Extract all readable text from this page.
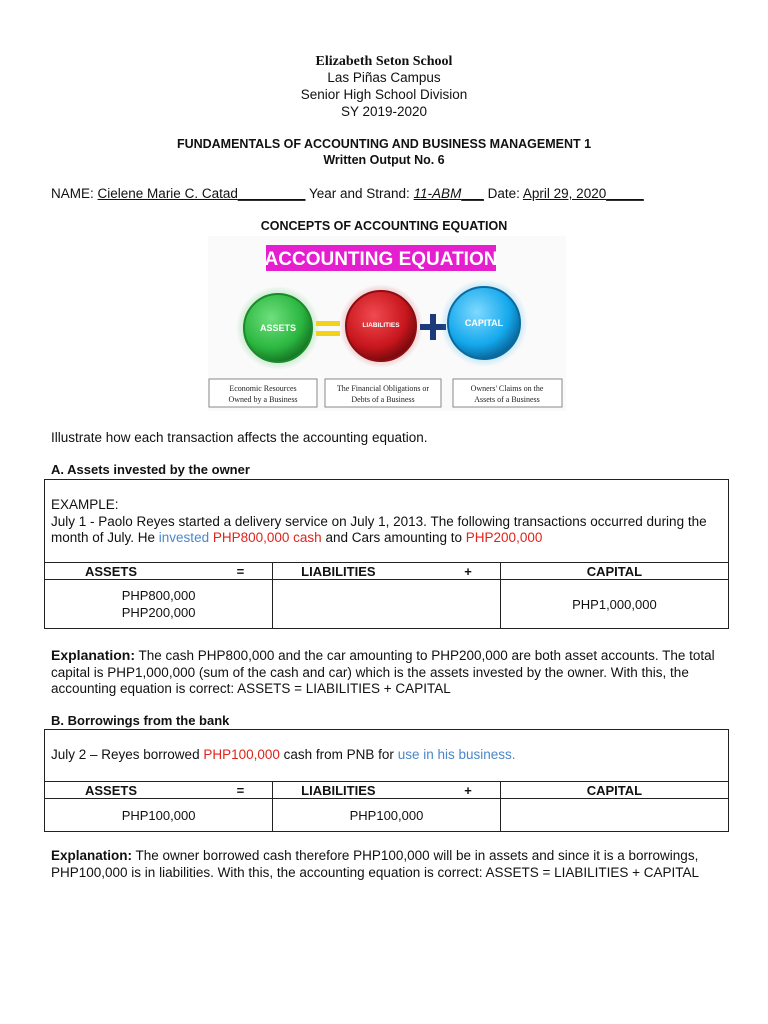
Elizabeth Seton School
Las Piñas Campus
Senior High School Division
SY 2019-2020
FUNDAMENTALS OF ACCOUNTING AND BUSINESS MANAGEMENT 1
Written Output No. 6
NAME: Cielene Marie C. Catad_________ Year and Strand: 11-ABM___ Date: April 29, 2020_____
CONCEPTS OF ACCOUNTING EQUATION
ACCOUNTING EQUATION
ASSETS	LIABILITIES	CAPITAL
Economic Resources
Owned by a Business
The Financial Obligations or
Debts of a Business
Owners' Claims on the
Assets of a Business
Illustrate how each transaction affects the accounting equation.
A. Assets invested by the owner
EXAMPLE:
July 1 - Paolo Reyes started a delivery service on July 1, 2013. The following transactions occurred during the
month of July. He invested PHP800,000 cash and Cars amounting to PHP200,000
ASSETS =	LIABILITIES +	CAPITAL

PHP800,000
PHP200,000		PHP1,000,000
Explanation: The cash PHP800,000 and the car amounting to PHP200,000 are both asset accounts. The total capital is PHP1,000,000 (sum of the cash and car) which is the assets invested by the owner. With this, the accounting equation is correct: ASSETS = LIABILITIES + CAPITAL
B. Borrowings from the bank
July 2 – Reyes borrowed PHP100,000 cash from PNB for use in his business.
ASSETS =	LIABILITIES +	CAPITAL
PHP100,000	PHP100,000	
Explanation: The owner borrowed cash therefore PHP100,000 will be in assets and since it is a borrowings, PHP100,000 is in liabilities. With this, the accounting equation is correct: ASSETS = LIABILITIES + CAPITAL
